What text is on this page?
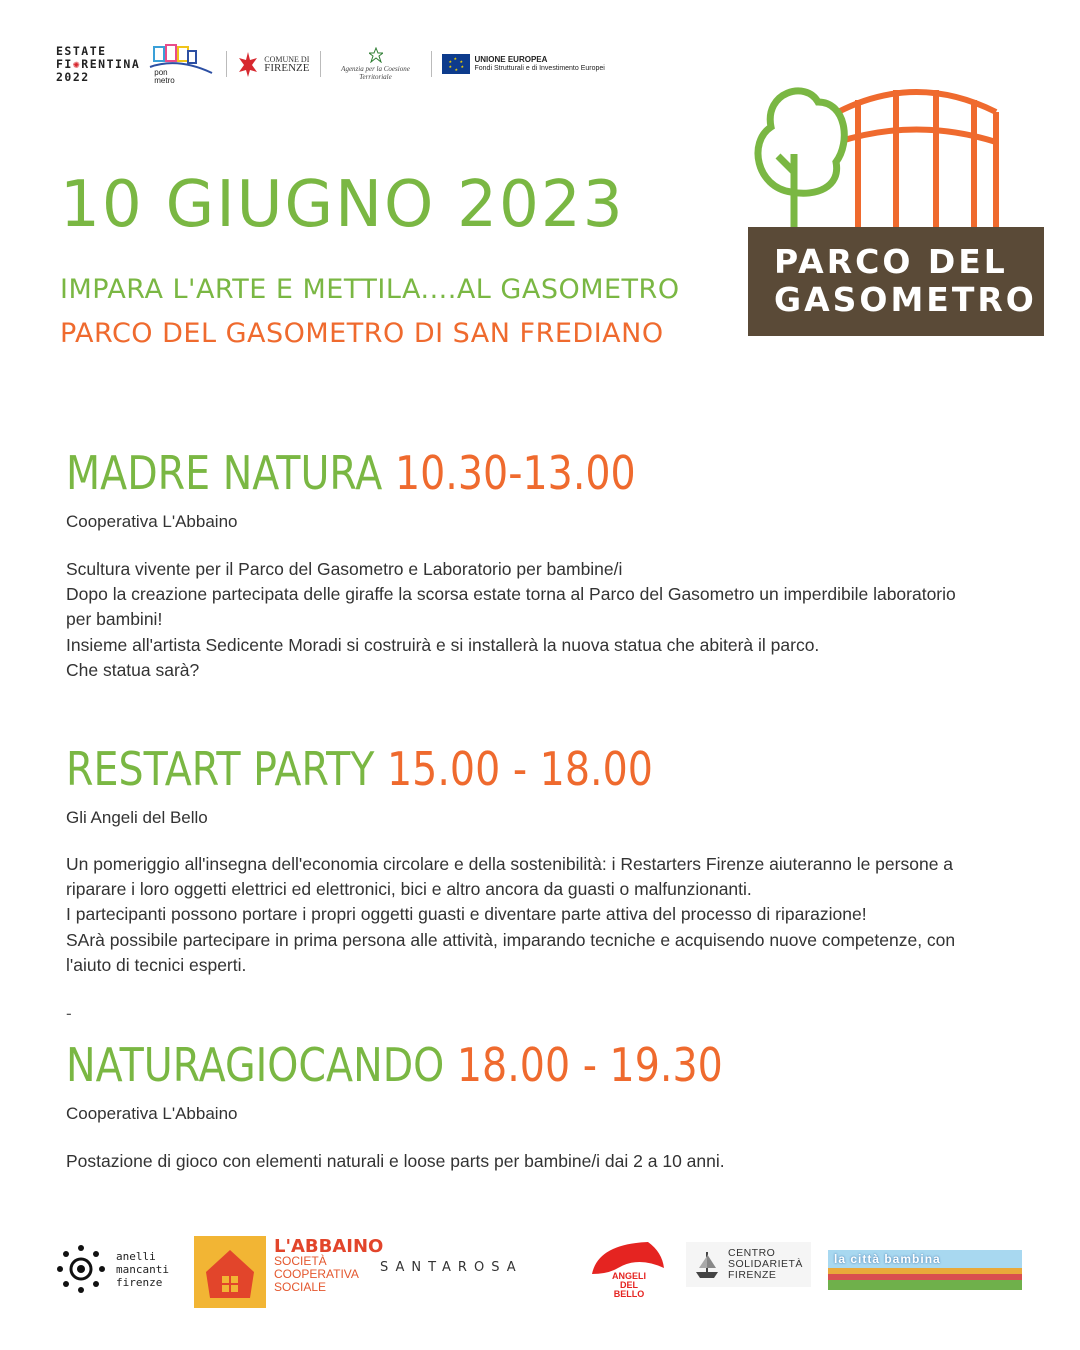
ESTATE
FI✺RENTINA
2022	pon metro
COMUNE DI
FIRENZE	Agenzia per la Coesione Territoriale
★
★
★
★
★
★	UNIONE EUROPEA
Fondi Strutturali e di Investimento Europei
PARCO DEL
GASOMETRO
10 GIUGNO 2023
IMPARA L'ARTE E METTILA....AL GASOMETRO
PARCO DEL GASOMETRO DI SAN FREDIANO
MADRE NATURA 10.30-13.00
Cooperativa L'Abbaino

Scultura vivente per il Parco del Gasometro e Laboratorio per bambine/i

Dopo la creazione partecipata delle giraffe la scorsa estate torna al Parco del Gasometro un imperdibile laboratorio per bambini!

Insieme all'artista Sedicente Moradi si costruirà e si installerà la nuova statua che abiterà il parco.

Che statua sarà?

RESTART PARTY 15.00 - 18.00
Gli Angeli del Bello

Un pomeriggio all'insegna dell'economia circolare e della sostenibilità: i Restarters Firenze aiuteranno le persone a riparare i loro oggetti elettrici ed elettronici, bici e altro ancora da guasti o malfunzionanti.

I partecipanti possono portare i propri oggetti guasti e diventare parte attiva del processo di riparazione!

SArà possibile partecipare in prima persona alle attività, imparando tecniche e acquisendo nuove competenze, con l'aiuto di tecnici esperti.

-
NATURAGIOCANDO 18.00 - 19.30
Cooperativa L'Abbaino

Postazione di gioco con elementi naturali e loose parts per bambine/i dai 2 a 10 anni.

anelli
mancanti
firenze
L'ABBAINO
SOCIETÀ
COOPERATIVA
SOCIALE
SANTAROSA
ANGELI
DEL
BELLO
CENTRO
SOLIDARIETÀ
FIRENZE
la città bambina
